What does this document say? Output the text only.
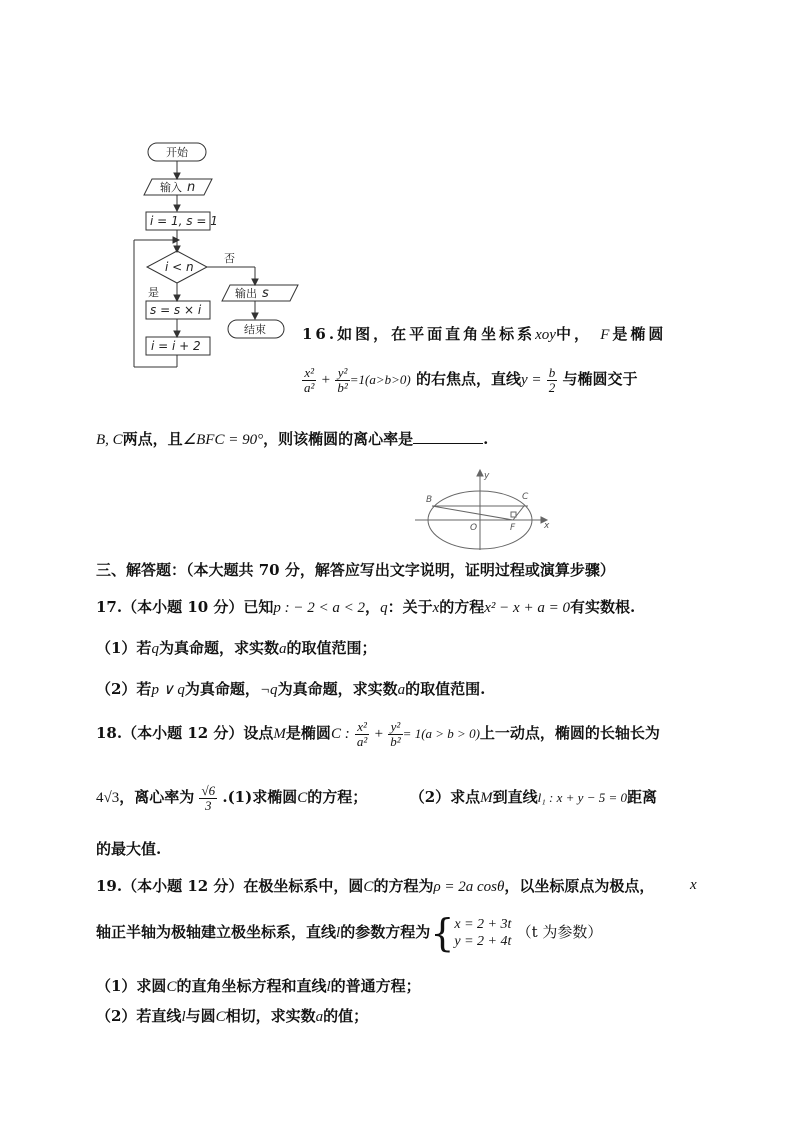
开始
输入 n
i = 1, s = 1
i < n
否
是
s = s × i
i = i + 2
输出 s
结束 16.如图，在平面直角坐标系xoy中， F是椭圆
$\frac{\text{x²}}{\text{a²}} + \frac{\text{y²}}{\text{b²}} =1(a>b>0)$ 的右焦点，直线$y = \frac{b}{2}$ 与椭圆交于
B, C两点，且∠BFC = 90°，则该椭圆的离心率是	.
B	C
O	F	x
y
三、解答题：（本大题共 70 分，解答应写出文字说明，证明过程或演算步骤）
17.（本小题 10 分）已知p : − 2 < a < 2，q：关于x的方程x² − x + a = 0有实数根.
（1）若q为真命题，求实数a的取值范围；
（2）若p ∨ q为真命题，¬q为真命题，求实数a的取值范围.
18.（本小题 12 分）设点M是椭圆C : $\frac{\text{x²}}{\text{a²}} + \frac{\text{y²}}{\text{b²}} = 1(a > b > 0)$上一动点，椭圆的长轴长为
4√3，离心率为 $\frac{√6}{3} .(1)$求椭圆C的方程；	（2）求点M到直线l₁ : x + y − 5 = 0距离
的最大值.
19.（本小题 12 分）在极坐标系中，圆C的方程为ρ = 2a cosθ，以坐标原点为极点， x
轴正半轴为极轴建立极坐标系，直线l的参数方程为{ x = 2 + 3t
y = 2 + 4t
（t 为参数）
（1）求圆C的直角坐标方程和直线l的普通方程；
（2）若直线l与圆C相切，求实数a的值；
